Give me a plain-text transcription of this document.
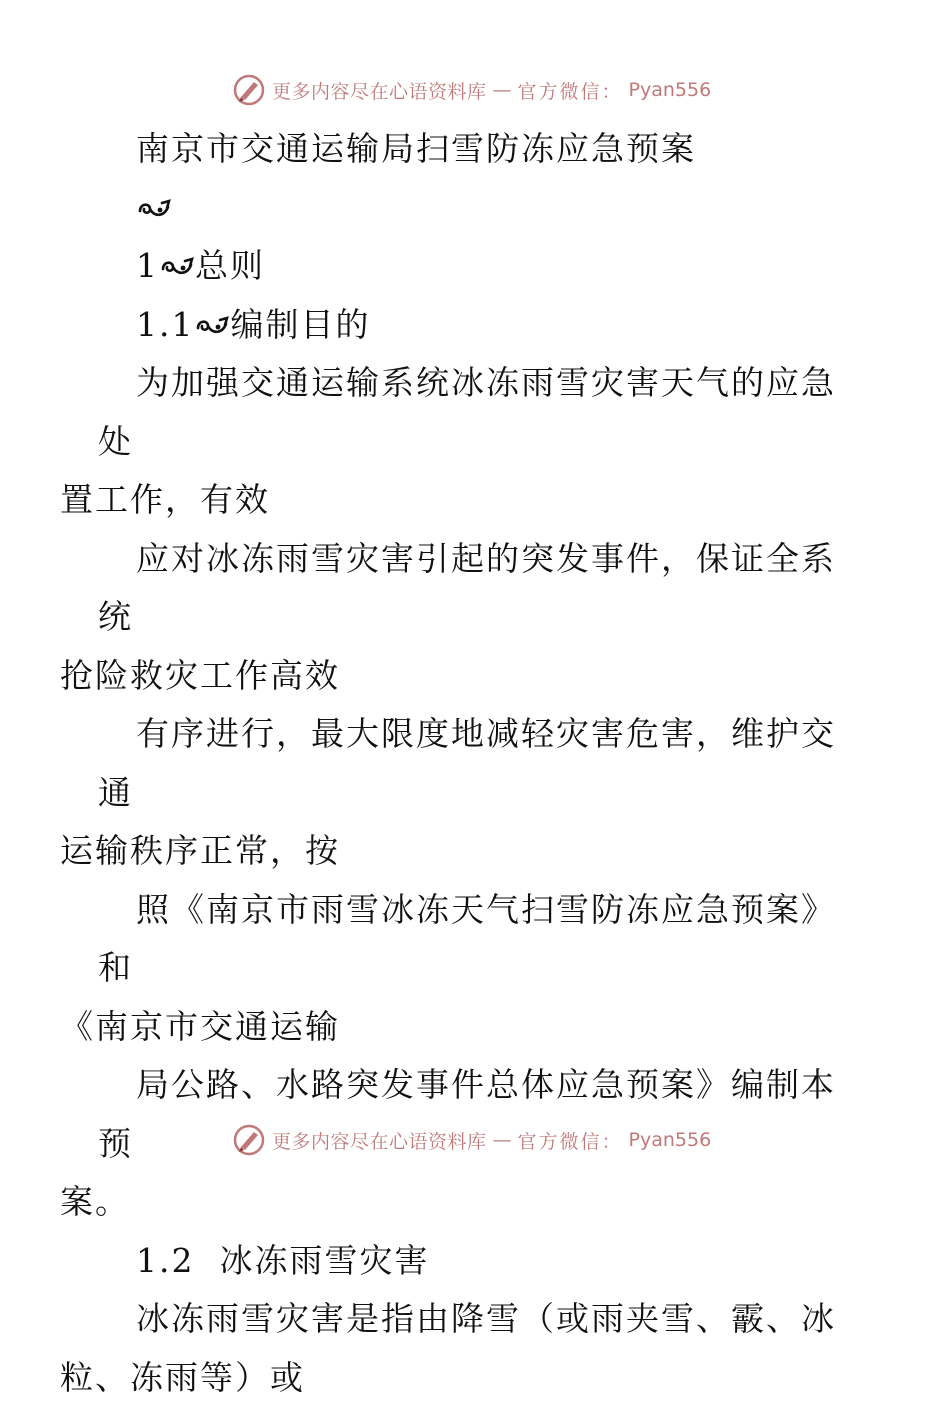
更多内容尽在心语资料库 — 官方微信： Pyan556

南京市交通运输局扫雪防冻应急预案

1 总则

1.1 编制目的

为加强交通运输系统冰冻雨雪灾害天气的应急处
置工作，有效

应对冰冻雨雪灾害引起的突发事件，保证全系统
抢险救灾工作高效

有序进行，最大限度地减轻灾害危害，维护交通
运输秩序正常，按

照《南京市雨雪冰冻天气扫雪防冻应急预案》和
《南京市交通运输

局公路、水路突发事件总体应急预案》编制本预
案。

1.2  冰冻雨雪灾害

冰冻雨雪灾害是指由降雪（或雨夹雪、霰、冰
粒、冻雨等）或

更多内容尽在心语资料库 — 官方微信： Pyan556
